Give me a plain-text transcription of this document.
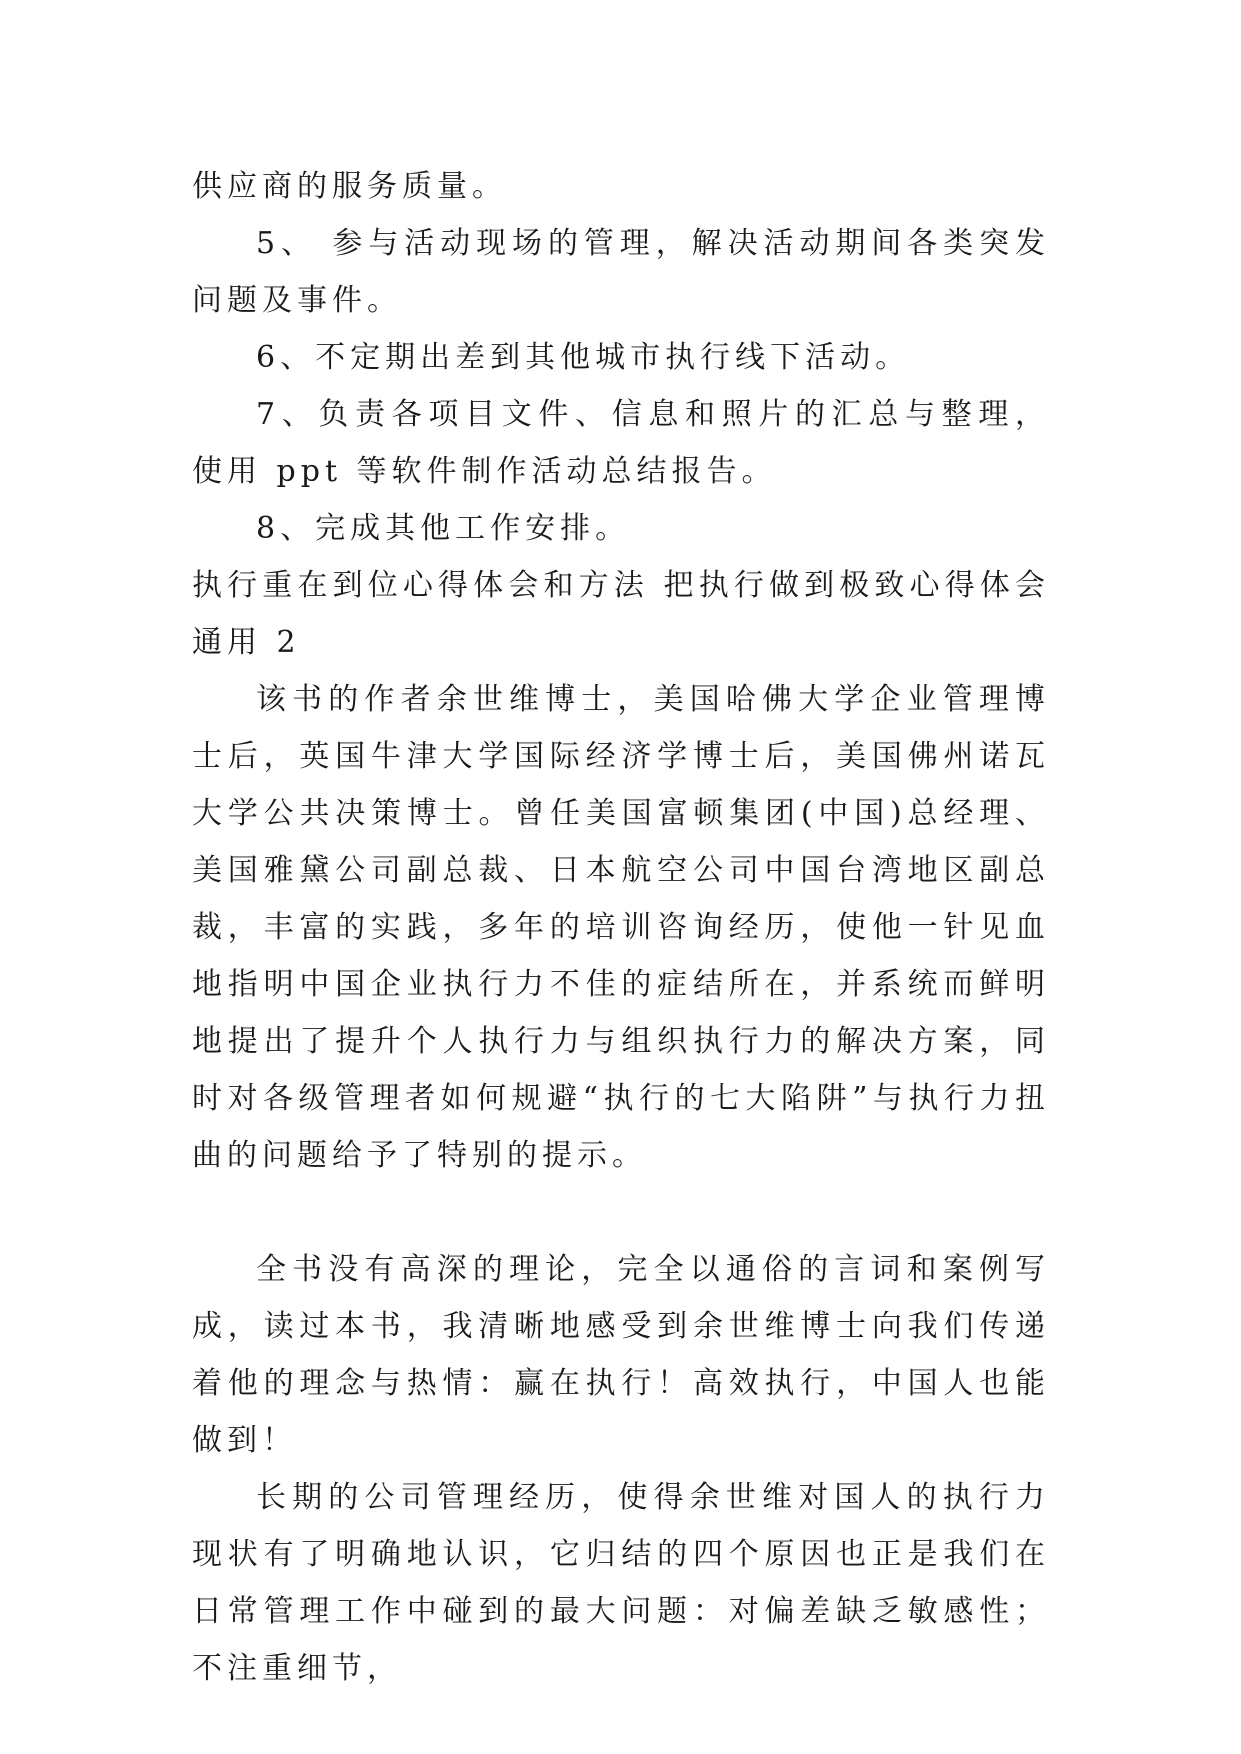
供应商的服务质量。

5、 参与活动现场的管理，解决活动期间各类突发问题及事件。

6、不定期出差到其他城市执行线下活动。

7、负责各项目文件、信息和照片的汇总与整理，使用 ppt 等软件制作活动总结报告。

8、完成其他工作安排。

执行重在到位心得体会和方法 把执行做到极致心得体会通用 2

该书的作者余世维博士，美国哈佛大学企业管理博士后，英国牛津大学国际经济学博士后，美国佛州诺瓦大学公共决策博士。曾任美国富顿集团(中国)总经理、美国雅黛公司副总裁、日本航空公司中国台湾地区副总裁，丰富的实践，多年的培训咨询经历，使他一针见血地指明中国企业执行力不佳的症结所在，并系统而鲜明地提出了提升个人执行力与组织执行力的解决方案，同时对各级管理者如何规避“执行的七大陷阱”与执行力扭曲的问题给予了特别的提示。

全书没有高深的理论，完全以通俗的言词和案例写成，读过本书，我清晰地感受到余世维博士向我们传递着他的理念与热情：赢在执行！高效执行，中国人也能做到！

长期的公司管理经历，使得余世维对国人的执行力现状有了明确地认识，它归结的四个原因也正是我们在日常管理工作中碰到的最大问题：对偏差缺乏敏感性；不注重细节，
